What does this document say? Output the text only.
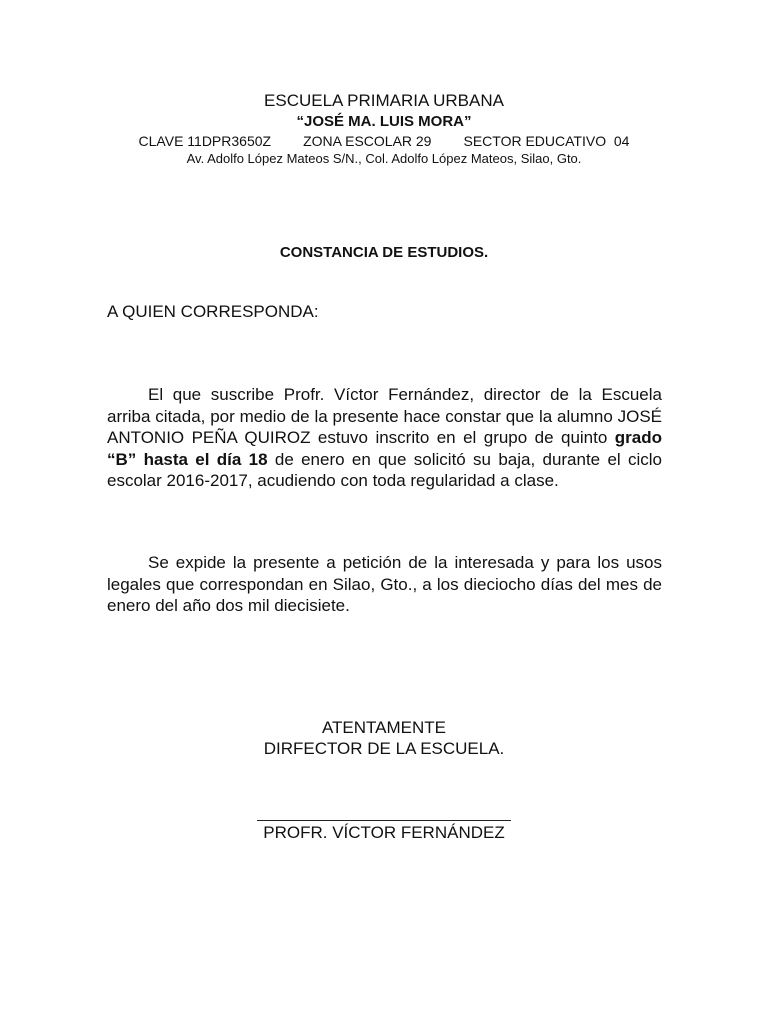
ESCUELA PRIMARIA URBANA
“JOSÉ MA. LUIS MORA”
CLAVE 11DPR3650Z ZONA ESCOLAR 29 SECTOR EDUCATIVO  04
Av. Adolfo López Mateos S/N., Col. Adolfo López Mateos, Silao, Gto.
CONSTANCIA DE ESTUDIOS.
A QUIEN CORRESPONDA:
El que suscribe Profr. Víctor Fernández, director de la Escuela arriba citada, por medio de la presente hace constar que la alumno JOSÉ ANTONIO PEÑA QUIROZ estuvo inscrito en el grupo de quinto grado “B” hasta el día 18 de enero en que solicitó su baja, durante el ciclo escolar 2016-2017, acudiendo con toda regularidad a clase.
Se expide la presente a petición de la interesada y para los usos legales que correspondan en Silao, Gto., a los dieciocho días del mes de enero del año dos mil diecisiete.
ATENTAMENTE
DIRFECTOR DE LA ESCUELA.
PROFR. VÍCTOR FERNÁNDEZ
